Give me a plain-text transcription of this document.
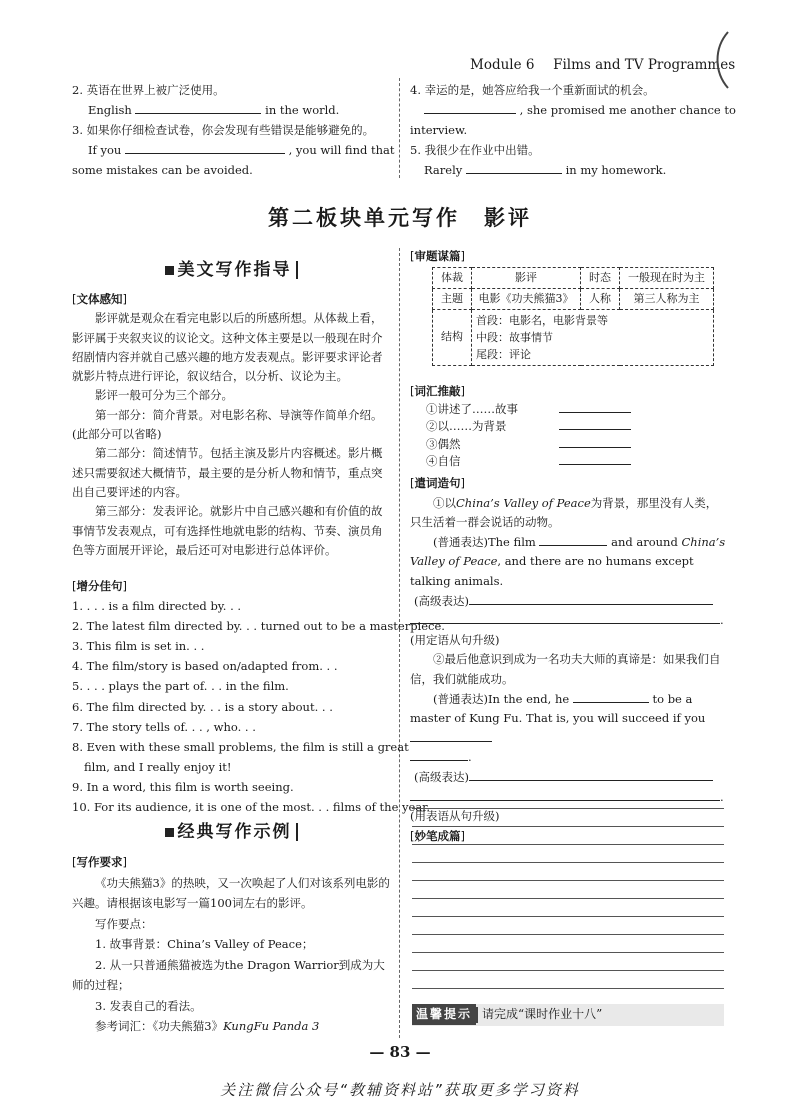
Module 6 Films and TV Programmes
2. 英语在世界上被广泛使用。
English	in the world.
3. 如果你仔细检查试卷，你会发现有些错误是能够避免的。
If you	, you will find that
some mistakes can be avoided.
4. 幸运的是，她答应给我一个重新面试的机会。
, she promised me another chance to
interview.
5. 我很少在作业中出错。
Rarely	in my homework.
第二板块单元写作　影评
美文写作指导
[文体感知]
影评就是观众在看完电影以后的所感所想。从体裁上看，影评属于夹叙夹议的议论文。这种文体主要是以一般现在时介绍剧情内容并就自己感兴趣的地方发表观点。影评要求评论者就影片特点进行评论，叙议结合，以分析、议论为主。
影评一般可分为三个部分。
第一部分：简介背景。对电影名称、导演等作简单介绍。(此部分可以省略)
第二部分：简述情节。包括主演及影片内容概述。影片概述只需要叙述大概情节，最主要的是分析人物和情节，重点突出自己要评述的内容。
第三部分：发表评论。就影片中自己感兴趣和有价值的故事情节发表观点，可有选择性地就电影的结构、节奏、演员角色等方面展开评论，最后还可对电影进行总体评价。
[增分佳句]
1. . . . is a film directed by. . .
2. The latest film directed by. . . turned out to be a masterpiece.
3. This film is set in. . .
4. The film/story is based on/adapted from. . .
5. . . . plays the part of. . . in the film.
6. The film directed by. . . is a story about. . .
7. The story tells of. . . , who. . .
8. Even with these small problems, the film is still a great
film, and I really enjoy it!
9. In a word, this film is worth seeing.
10. For its audience, it is one of the most. . . films of the year.
经典写作示例
[写作要求]
《功夫熊猫3》的热映，又一次唤起了人们对该系列电影的兴趣。请根据该电影写一篇100词左右的影评。
写作要点：
1. 故事背景：China’s Valley of Peace；
2. 从一只普通熊猫被选为the Dragon Warrior到成为大师的过程；
3. 发表自己的看法。
参考词汇：《功夫熊猫3》KungFu Panda 3
[审题谋篇]
体裁	影评	时态	一般现在时为主
主题	电影《功夫熊猫3》	人称	第三人称为主
结构	首段：电影名，电影背景等
中段：故事情节
尾段：评论		
[词汇推敲]
①讲述了……故事
②以……为背景
③偶然
④自信
[遣词造句]
①以China’s Valley of Peace为背景，那里没有人类，只生活着一群会说话的动物。
(普通表达)The film	and around China’s Valley of Peace, and there are no humans except talking animals.
(高级表达)
.
(用定语从句升级)
②最后他意识到成为一名功夫大师的真谛是：如果我们自信，我们就能成功。
(普通表达)In the end, he	to be a master of Kung Fu. That is, you will succeed if you
.
(高级表达)
.
(用表语从句升级)
[妙笔成篇]
温馨提示 请完成“课时作业十八”
— 83 —
关注微信公众号“教辅资料站”获取更多学习资料
